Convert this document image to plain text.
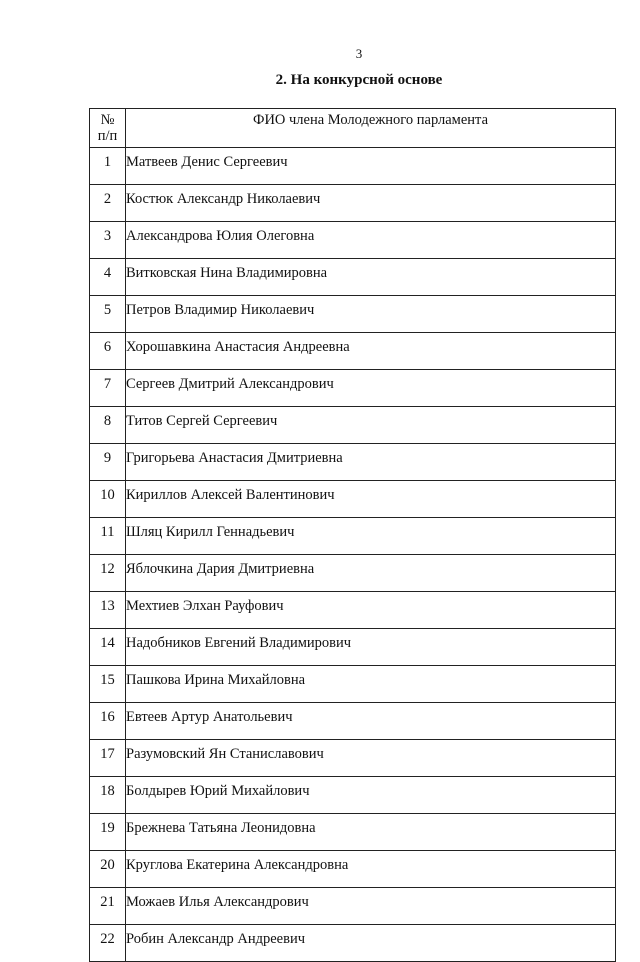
3
2. На конкурсной основе
№
п/п	ФИО члена Молодежного парламента
1	Матвеев Денис Сергеевич
2	Костюк Александр Николаевич
3	Александрова Юлия Олеговна
4	Витковская Нина Владимировна
5	Петров Владимир Николаевич
6	Хорошавкина Анастасия Андреевна
7	Сергеев Дмитрий Александрович
8	Титов Сергей Сергеевич
9	Григорьева Анастасия Дмитриевна
10	Кириллов Алексей Валентинович
11	Шляц Кирилл Геннадьевич
12	Яблочкина Дария Дмитриевна
13	Мехтиев Элхан Рауфович
14	Надобников Евгений Владимирович
15	Пашкова Ирина Михайловна
16	Евтеев Артур Анатольевич
17	Разумовский Ян Станиславович
18	Болдырев Юрий Михайлович
19	Брежнева Татьяна Леонидовна
20	Круглова Екатерина Александровна
21	Можаев Илья Александрович
22	Робин Александр Андреевич
